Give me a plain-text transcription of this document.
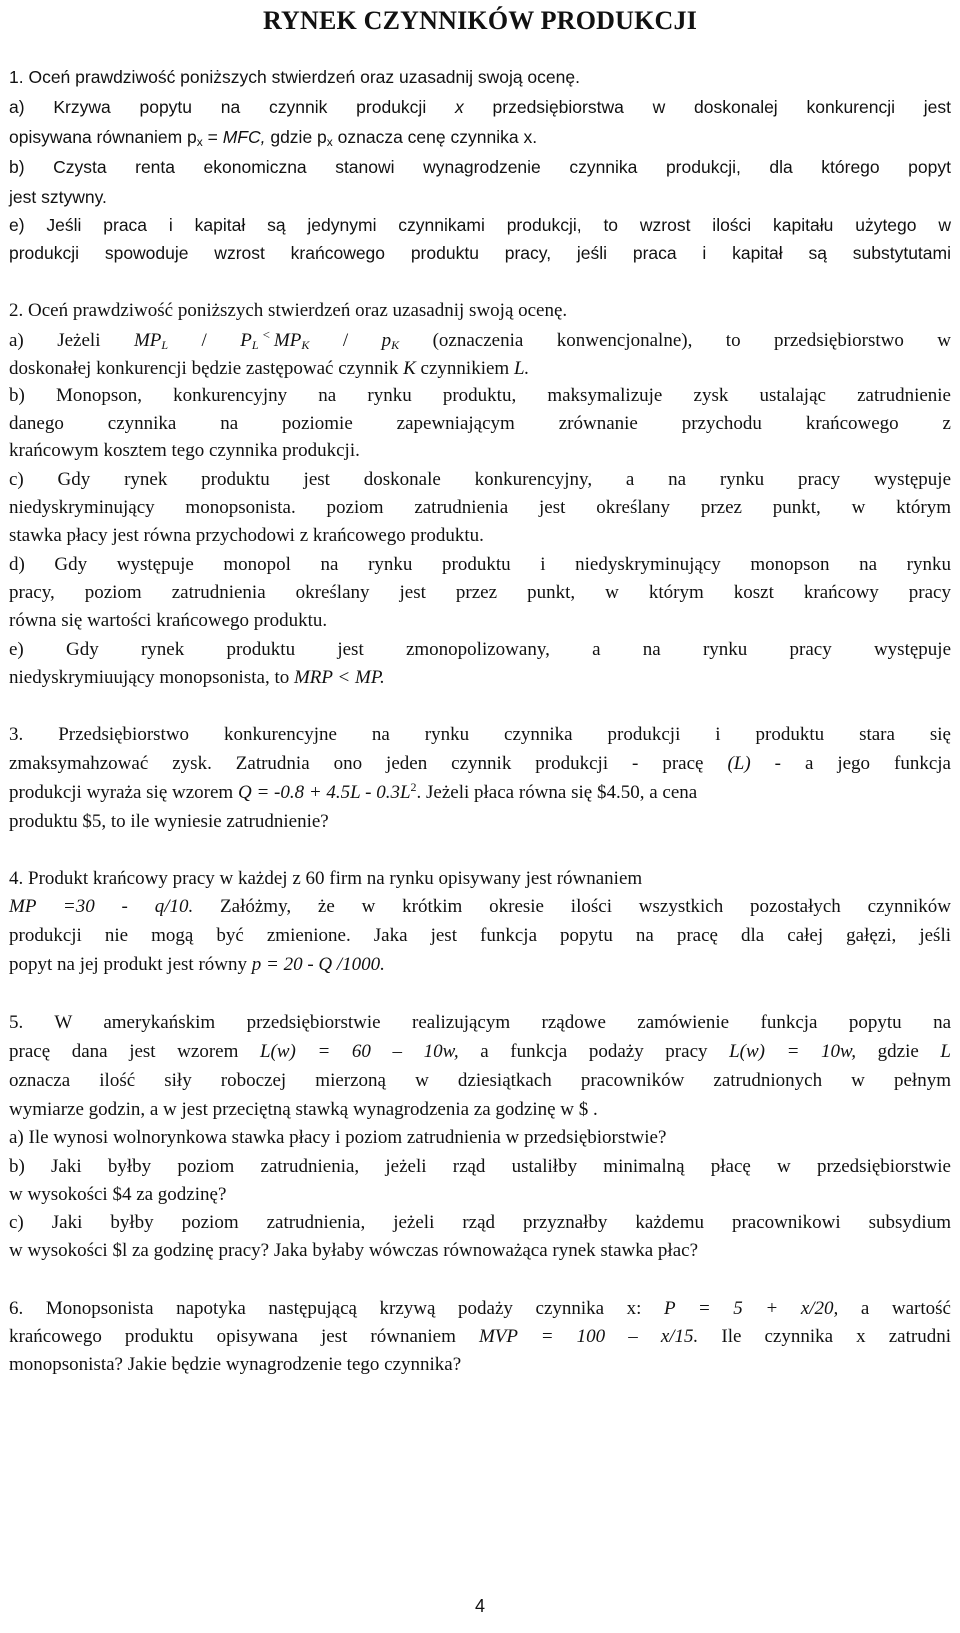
RYNEK CZYNNIKÓW PRODUKCJI
1. Oceń prawdziwość poniższych stwierdzeń oraz uzasadnij swoją ocenę.
a) Krzywa popytu na czynnik produkcji x przedsiębiorstwa w doskonalej konkurencji jest
opisywana równaniem $p_x$ = MFC, gdzie $p_x$ oznacza cenę czynnika x.
b) Czysta renta ekonomiczna stanowi wynagrodzenie czynnika produkcji, dla którego popyt
jest sztywny.
e) Jeśli praca i kapitał są jedynymi czynnikami produkcji, to wzrost ilości kapitału użytego w
produkcji spowoduje wzrost krańcowego produktu pracy, jeśli praca i kapitał są substytutami
2. Oceń prawdziwość poniższych stwierdzeń oraz uzasadnij swoją ocenę.
a) Jeżeli $MP_L / P_L^<$ $MP_K / p_K$ (oznaczenia konwencjonalne), to przedsiębiorstwo w
doskonałej konkurencji będzie zastępować czynnik K czynnikiem L.
b) Monopson, konkurencyjny na rynku produktu, maksymalizuje zysk ustalając zatrudnienie
danego czynnika na poziomie zapewniającym zrównanie przychodu krańcowego z
krańcowym kosztem tego czynnika produkcji.
c) Gdy rynek produktu jest doskonale konkurencyjny, a na rynku pracy występuje
niedyskryminujący monopsonista. poziom zatrudnienia jest określany przez punkt, w którym
stawka płacy jest równa przychodowi z krańcowego produktu.
d) Gdy występuje monopol na rynku produktu i niedyskryminujący monopson na rynku
pracy, poziom zatrudnienia określany jest przez punkt, w którym koszt krańcowy pracy
równa się wartości krańcowego produktu.
e) Gdy rynek produktu jest zmonopolizowany, a na rynku pracy występuje
niedyskrymiuujący monopsonista, to MRP < MP.
3. Przedsiębiorstwo konkurencyjne na rynku czynnika produkcji i produktu stara się
zmaksymahzować zysk. Zatrudnia ono jeden czynnik produkcji - pracę (L) - a jego funkcja
produkcji wyraża się wzorem $Q = -0.8 + 4.5L - 0.3L^2$. Jeżeli płaca równa się $4.50, a cena
produktu $5, to ile wyniesie zatrudnienie?
4. Produkt krańcowy pracy w każdej z 60 firm na rynku opisywany jest równaniem
MP =30 - q/10. Załóżmy, że w krótkim okresie ilości wszystkich pozostałych czynników
produkcji nie mogą być zmienione. Jaka jest funkcja popytu na pracę dla całej gałęzi, jeśli
popyt na jej produkt jest równy p = 20 - Q /1000.
5. W amerykańskim przedsiębiorstwie realizującym rządowe zamówienie funkcja popytu na
pracę dana jest wzorem L(w) = 60 – 10w, a funkcja podaży pracy L(w) = 10w, gdzie L
oznacza ilość siły roboczej mierzoną w dziesiątkach pracowników zatrudnionych w pełnym
wymiarze godzin, a w jest przeciętną stawką wynagrodzenia za godzinę w $ .
a) Ile wynosi wolnorynkowa stawka płacy i poziom zatrudnienia w przedsiębiorstwie?
b) Jaki byłby poziom zatrudnienia, jeżeli rząd ustaliłby minimalną płacę w przedsiębiorstwie
w wysokości $4 za godzinę?
c) Jaki byłby poziom zatrudnienia, jeżeli rząd przyznałby każdemu pracownikowi subsydium
w wysokości $l za godzinę pracy? Jaka byłaby wówczas równoważąca rynek stawka płac?
6. Monopsonista napotyka następującą krzywą podaży czynnika x: P = 5 + x/20, a wartość
krańcowego produktu opisywana jest równaniem MVP = 100 – x/15. Ile czynnika x zatrudni
monopsonista? Jakie będzie wynagrodzenie tego czynnika?
4
